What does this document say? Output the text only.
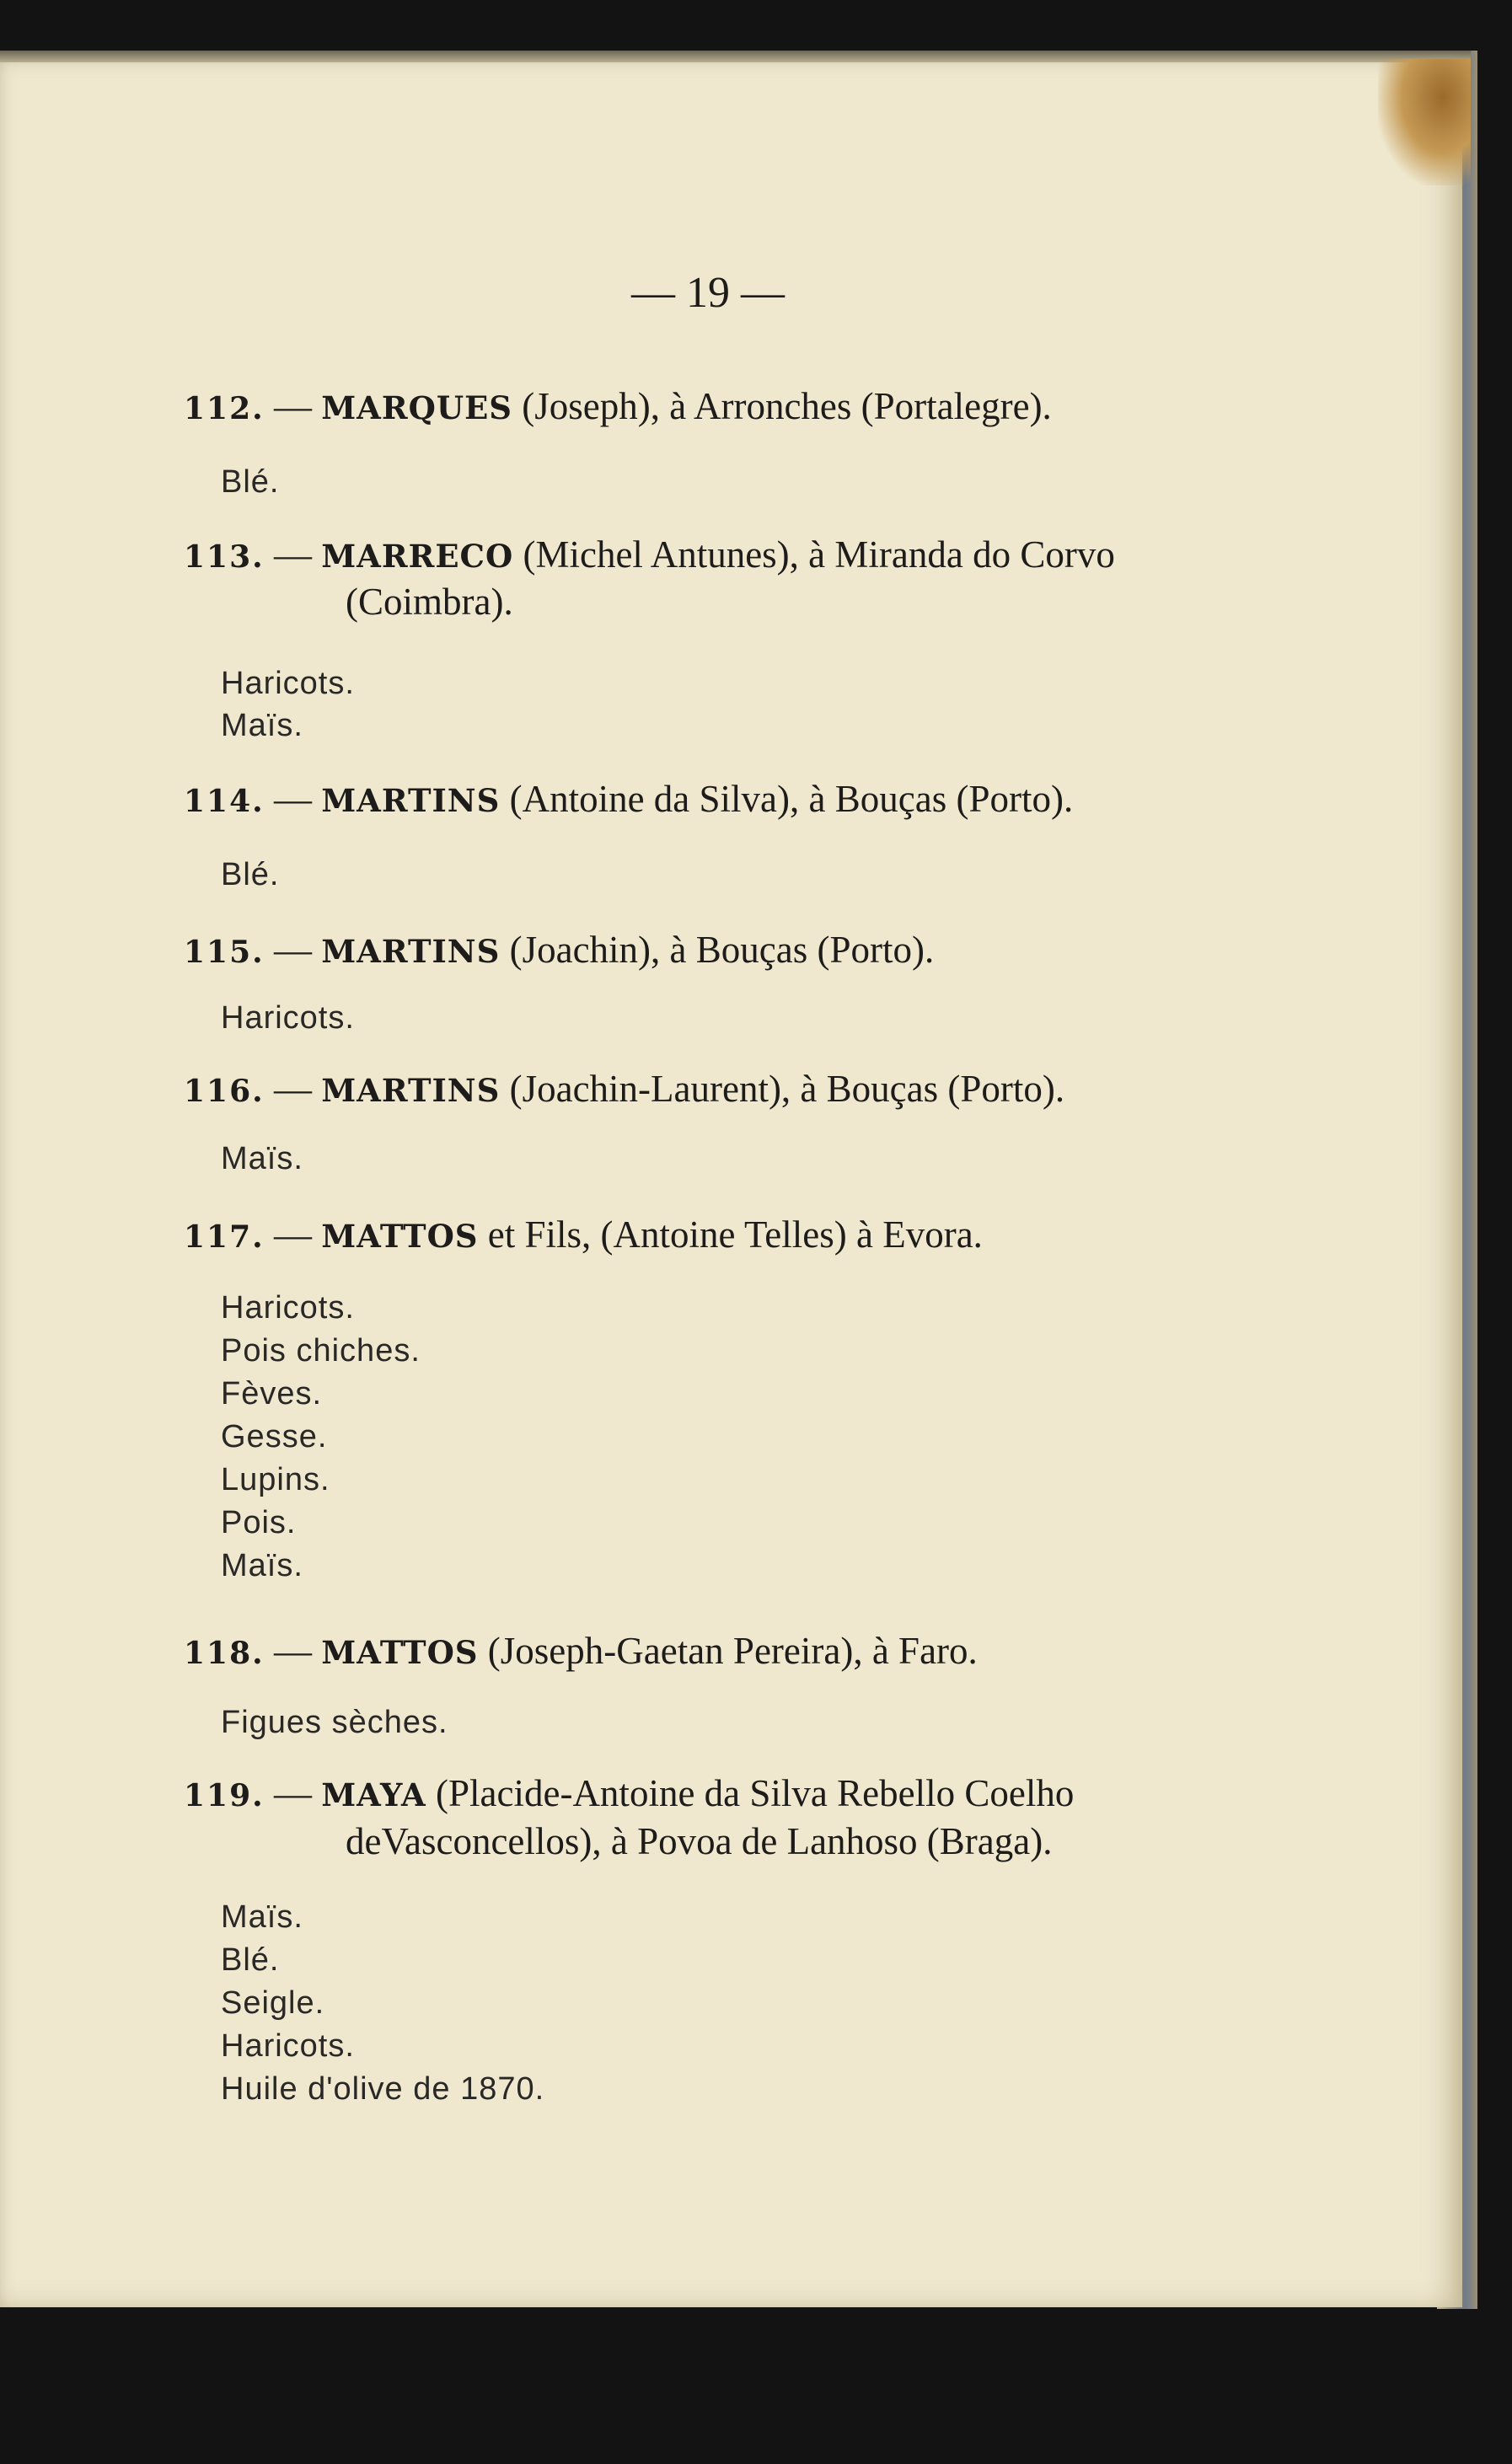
— 19 —
112. — MARQUES (Joseph), à Arronches (Portalegre).
Blé.
113. — MARRECO (Michel Antunes), à Miranda do Corvo
(Coimbra).
Haricots.
Maïs.
114. — MARTINS (Antoine da Silva), à Bouças (Porto).
Blé.
115. — MARTINS (Joachin), à Bouças (Porto).
Haricots.
116. — MARTINS (Joachin-Laurent), à Bouças (Porto).
Maïs.
117. — MATTOS et Fils, (Antoine Telles) à Evora.
Haricots.
Pois chiches.
Fèves.
Gesse.
Lupins.
Pois.
Maïs.
118. — MATTOS (Joseph-Gaetan Pereira), à Faro.
Figues sèches.
119. — MAYA (Placide-Antoine da Silva Rebello Coelho
deVasconcellos), à Povoa de Lanhoso (Braga).
Maïs.
Blé.
Seigle.
Haricots.
Huile d'olive de 1870.
